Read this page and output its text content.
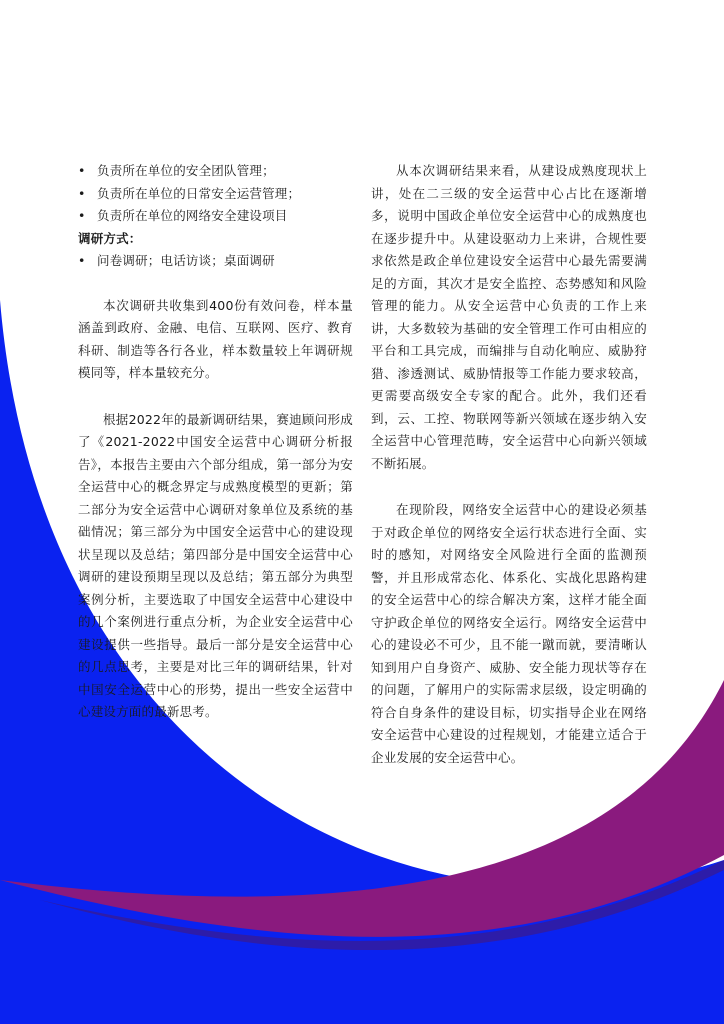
• 负责所在单位的安全团队管理；
• 负责所在单位的日常安全运营管理；
• 负责所在单位的网络安全建设项目

调研方式：

• 问卷调研；电话访谈；桌面调研

本次调研共收集到400份有效问卷，样本量涵盖到政府、金融、电信、互联网、医疗、教育科研、制造等各行各业，样本数量较上年调研规模同等，样本量较充分。

根据2022年的最新调研结果，赛迪顾问形成了《2021-2022中国安全运营中心调研分析报告》，本报告主要由六个部分组成，第一部分为安全运营中心的概念界定与成熟度模型的更新；第二部分为安全运营中心调研对象单位及系统的基础情况；第三部分为中国安全运营中心的建设现状呈现以及总结；第四部分是中国安全运营中心调研的建设预期呈现以及总结；第五部分为典型案例分析，主要选取了中国安全运营中心建设中的几个案例进行重点分析，为企业安全运营中心建设提供一些指导。最后一部分是安全运营中心的几点思考，主要是对比三年的调研结果，针对中国安全运营中心的形势，提出一些安全运营中心建设方面的最新思考。

从本次调研结果来看，从建设成熟度现状上讲，处在二三级的安全运营中心占比在逐渐增多，说明中国政企单位安全运营中心的成熟度也在逐步提升中。从建设驱动力上来讲，合规性要求依然是政企单位建设安全运营中心最先需要满足的方面，其次才是安全监控、态势感知和风险管理的能力。从安全运营中心负责的工作上来讲，大多数较为基础的安全管理工作可由相应的平台和工具完成，而编排与自动化响应、威胁狩猎、渗透测试、威胁情报等工作能力要求较高，更需要高级安全专家的配合。此外，我们还看到，云、工控、物联网等新兴领域在逐步纳入安全运营中心管理范畴，安全运营中心向新兴领域不断拓展。

在现阶段，网络安全运营中心的建设必须基于对政企单位的网络安全运行状态进行全面、实时的感知，对网络安全风险进行全面的监测预警，并且形成常态化、体系化、实战化思路构建的安全运营中心的综合解决方案，这样才能全面守护政企单位的网络安全运行。网络安全运营中心的建设必不可少，且不能一蹴而就，要清晰认知到用户自身资产、威胁、安全能力现状等存在的问题，了解用户的实际需求层级，设定明确的符合自身条件的建设目标，切实指导企业在网络安全运营中心建设的过程规划，才能建立适合于企业发展的安全运营中心。
